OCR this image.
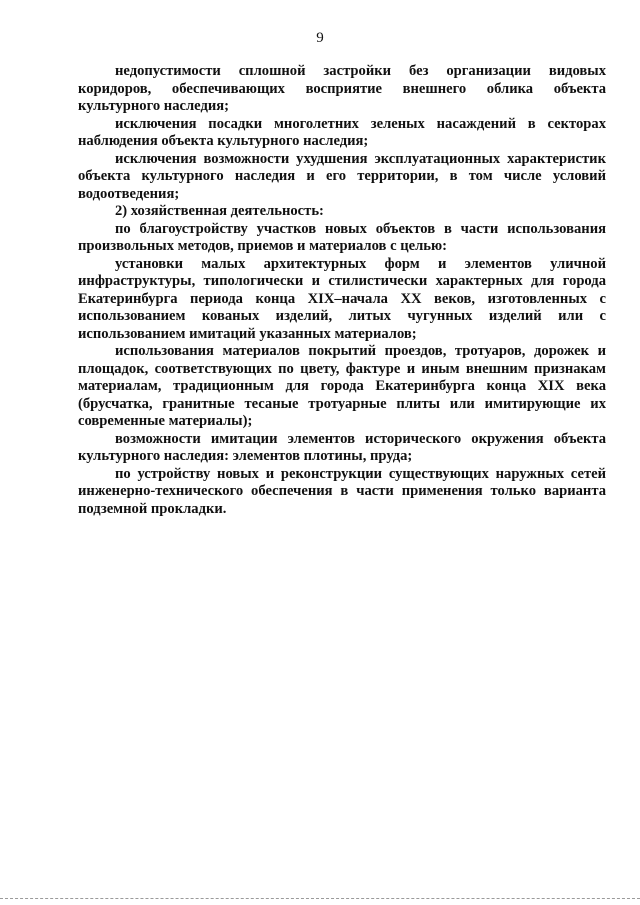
9

недопустимости сплошной застройки без организации видовых коридоров, обеспечивающих восприятие внешнего облика объекта культурного наследия;

исключения посадки многолетних зеленых насаждений в секторах наблюдения объекта культурного наследия;

исключения возможности ухудшения эксплуатационных характеристик объекта культурного наследия и его территории, в том числе условий водоотведения;

2) хозяйственная деятельность:

по благоустройству участков новых объектов в части использования произвольных методов, приемов и материалов с целью:

установки малых архитектурных форм и элементов уличной инфраструктуры, типологически и стилистически характерных для города Екатеринбурга периода конца XIX–начала XX веков, изготовленных с использованием кованых изделий, литых чугунных изделий или с использованием имитаций указанных материалов;

использования материалов покрытий проездов, тротуаров, дорожек и площадок, соответствующих по цвету, фактуре и иным внешним признакам материалам, традиционным для города Екатеринбурга конца XIX века (брусчатка, гранитные тесаные тротуарные плиты или имитирующие их современные материалы);

возможности имитации элементов исторического окружения объекта культурного наследия: элементов плотины, пруда;

по устройству новых и реконструкции существующих наружных сетей инженерно-технического обеспечения в части применения только варианта подземной прокладки.
